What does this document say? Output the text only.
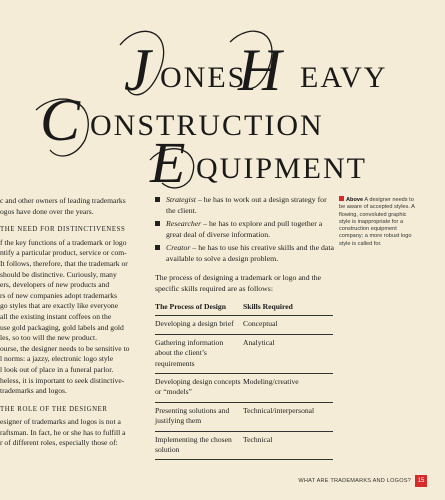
J ONES
H EAVY
C ONSTRUCTION
E QUIPMENT

c and other owners of leading trademarks

ogos have done over the years.

THE NEED FOR DISTINCTIVENESS

f the key functions of a trademark or logo

ntify a particular product, service or com-

It follows, therefore, that the trademark or

should be distinctive. Curiously, many

ers, developers of new products and

rs of new companies adopt trademarks

go styles that are exactly like everyone

all the existing instant coffees on the

use gold packaging, gold labels and gold

les, so too will the new product.

ourse, the designer needs to be sensitive to

l norms: a jazzy, electronic logo style

l look out of place in a funeral parlor.

heless, it is important to seek distinctive-

trademarks and logos.

THE ROLE OF THE DESIGNER

esigner of trademarks and logos is not a

raftsman. In fact, he or she has to fulfill a

r of different roles, especially those of:

Strategist – he has to work out a design strategy for the client.
Researcher – he has to explore and pull together a great deal of diverse information.
Creator – he has to use his creative skills and the data available to solve a design problem.

The process of designing a trademark or logo and the specific skills required are as follows:

The Process of Design	Skills Required
Developing a design brief	Conceptual
Gathering information about the client’s requirements	Analytical
Developing design concepts or “models”	Modeling/creative
Presenting solutions and justifying them	Technical/interpersonal
Implementing the chosen solution	Technical
Above A designer needs to be aware of accepted styles. A flowing, convoluted graphic style is inappropriate for a construction equipment company; a more robust logo style is called for.
WHAT ARE TRADEMARKS AND LOGOS?	15
